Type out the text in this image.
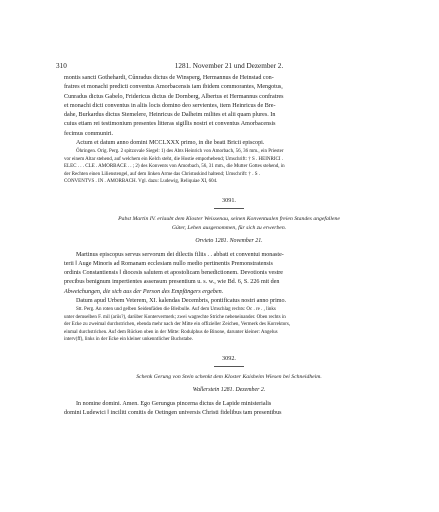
310	1281. November 21 und Dezember 2.

montis sancti Gothehardi, Cůnradus dictus de Winsperg, Hermannus de Heinstad con-

fratres et monachi predicti conventus Amorbacensis iam ibidem commorantes, Mengotus,

Cunradus dictus Gabelo, Fridericus dictus de Dornberg, Albertus et Hermannus confratres

et monachi dicti conventus in aliis locis domino deo servientes, item Heinricus de Bre-

dahe, Burkardus dictus Stemelere, Heinricus de Dalheim milites et alii quam plures. In

cuius etiam rei testimonium presentes litteras sigillis nostri et conventus Amorbacensis

fecimus communiri.

Actum et datum anno domini MCCLXXX primo, in die beati Bricii episcopi.

Öhringen. Orig. Perg. 2 spitzovale Siegel: 1) des Abts Heinrich von Amorbach, 56, 36 mm., ein Priester

vor einem Altar stehend, auf welchem ein Kelch steht, die Hostie emporhebend; Umschrift: † S . HEINRICI .

ELEC . . . CLE . AMORBACE . . ; 2) des Konvents von Amorbach, 56, 31 mm., die Mutter Gottes stehend, in

der Rechten einen Lilienstengel, auf dem linken Arme das Christuskind haltend; Umschrift: † . S .

CONVENTVS . IN . AMORBACH. Vgl. dazu: Ludewig, Reliquiae XI, 604.

3091.

Pabst Martin IV. erlaubt dem Kloster Weissenau, seinen Konventualen freien Standes angefallene

Güter, Lehen ausgenommen, für sich zu erwerben.

Orvieto 1281. November 21.

Martinus episcopus servus servorum dei dilectis filiis . . abbati et conventui monaste-

terii ‖ Auge Minoris ad Romanam ecclesiam nullo medio pertinentis Premonstratensis

ordinis Constantiensis ‖ diocesis salutem et apostolicam benedictionem. Devotionis vestre

precibus benignum impertientes assensum presentium u. s. w., wie Bd. 6, S. 226 mit den

Abweichungen, die sich aus der Person des Empfängers ergeben.

Datum apud Urbem Veterem, XI. kalendas Decembris, pontificatus nostri anno primo.

Stt. Perg. An roten und gelben Seidenfäden die Bleibulle. Auf dem Umschlag rechts: Oc . re . , links

unter demselben F. mil (ariis?), darüber Kontervermerk; zwei wagrechte Striche nebeneinander. Oben rechts in

der Ecke zu zweimal durchstrichen, ebenda mehr nach der Mitte ein offizieller Zeichen, Vermerk des Korrektors,

einmal durchstrichen. Auf dem Rücken oben in der Mitte: Rodulphus de Binone, darunter kleiner: Angelus

interv(ff), links in der Ecke ein kleiner unkenntlicher Buchstabe.

3092.

Schenk Gerung von Stein schenkt dem Kloster Kaisheim Wiesen bei Schneidheim.

Wallerstein 1281. Dezember 2.

In nomine domini. Amen. Ego Gerungus pincerna dictus de Lapide ministerialis

domini Ludewici ‖ inciliti comitis de Oetingen universis Christi fidelibus tam presentibus
